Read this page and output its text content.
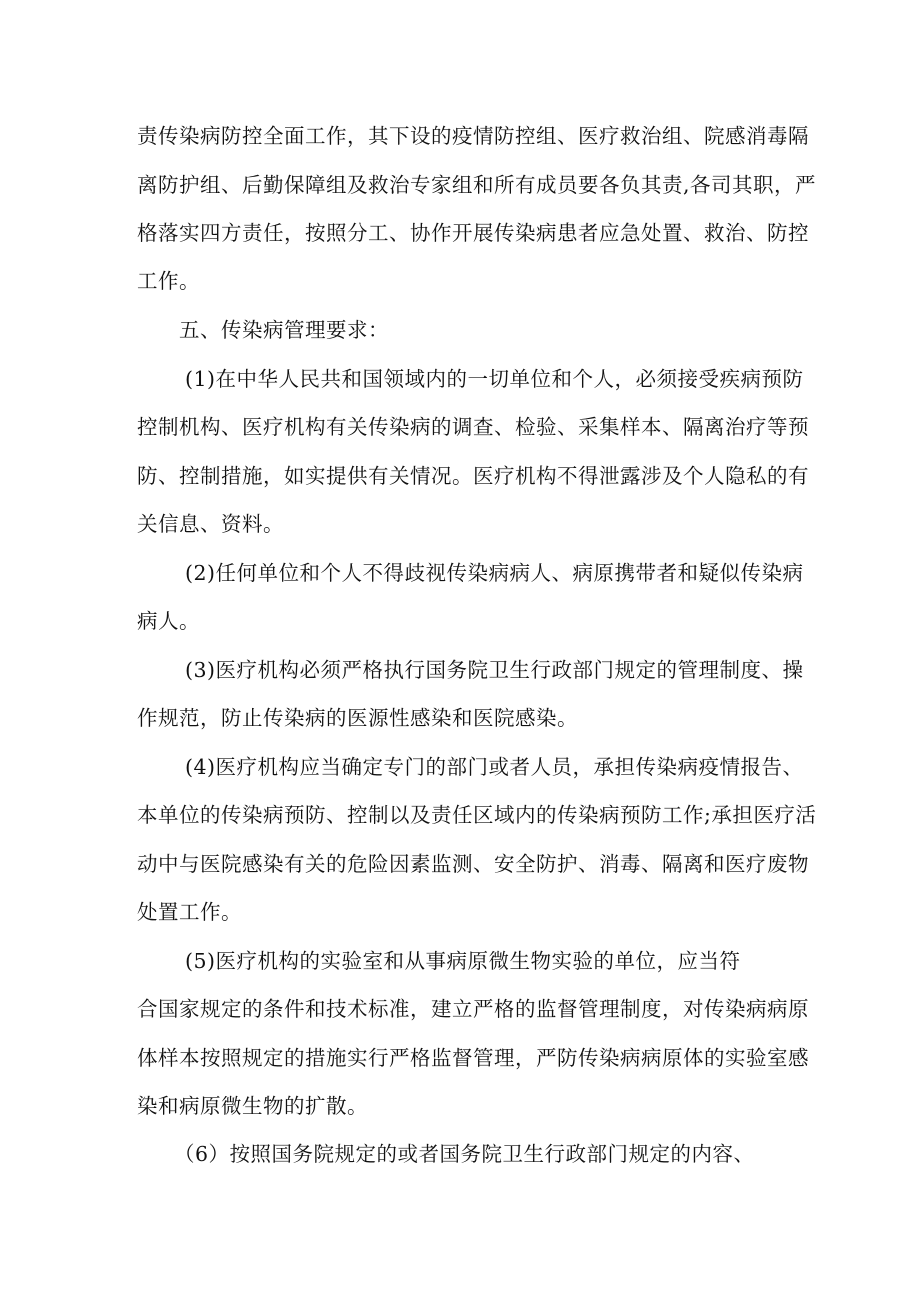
责传染病防控全面工作，其下设的疫情防控组、医疗救治组、院感消毒隔
离防护组、后勤保障组及救治专家组和所有成员要各负其责,各司其职，严
格落实四方责任，按照分工、协作开展传染病患者应急处置、救治、防控
工作。
五、传染病管理要求：
(1)在中华人民共和国领域内的一切单位和个人，必须接受疾病预防
控制机构、医疗机构有关传染病的调查、检验、采集样本、隔离治疗等预
防、控制措施，如实提供有关情况。医疗机构不得泄露涉及个人隐私的有
关信息、资料。
(2)任何单位和个人不得歧视传染病病人、病原携带者和疑似传染病
病人。
(3)医疗机构必须严格执行国务院卫生行政部门规定的管理制度、操
作规范，防止传染病的医源性感染和医院感染。
(4)医疗机构应当确定专门的部门或者人员，承担传染病疫情报告、
本单位的传染病预防、控制以及责任区域内的传染病预防工作;承担医疗活
动中与医院感染有关的危险因素监测、安全防护、消毒、隔离和医疗废物
处置工作。
(5)医疗机构的实验室和从事病原微生物实验的单位，应当符
合国家规定的条件和技术标准，建立严格的监督管理制度，对传染病病原
体样本按照规定的措施实行严格监督管理，严防传染病病原体的实验室感
染和病原微生物的扩散。
（6）按照国务院规定的或者国务院卫生行政部门规定的内容、
